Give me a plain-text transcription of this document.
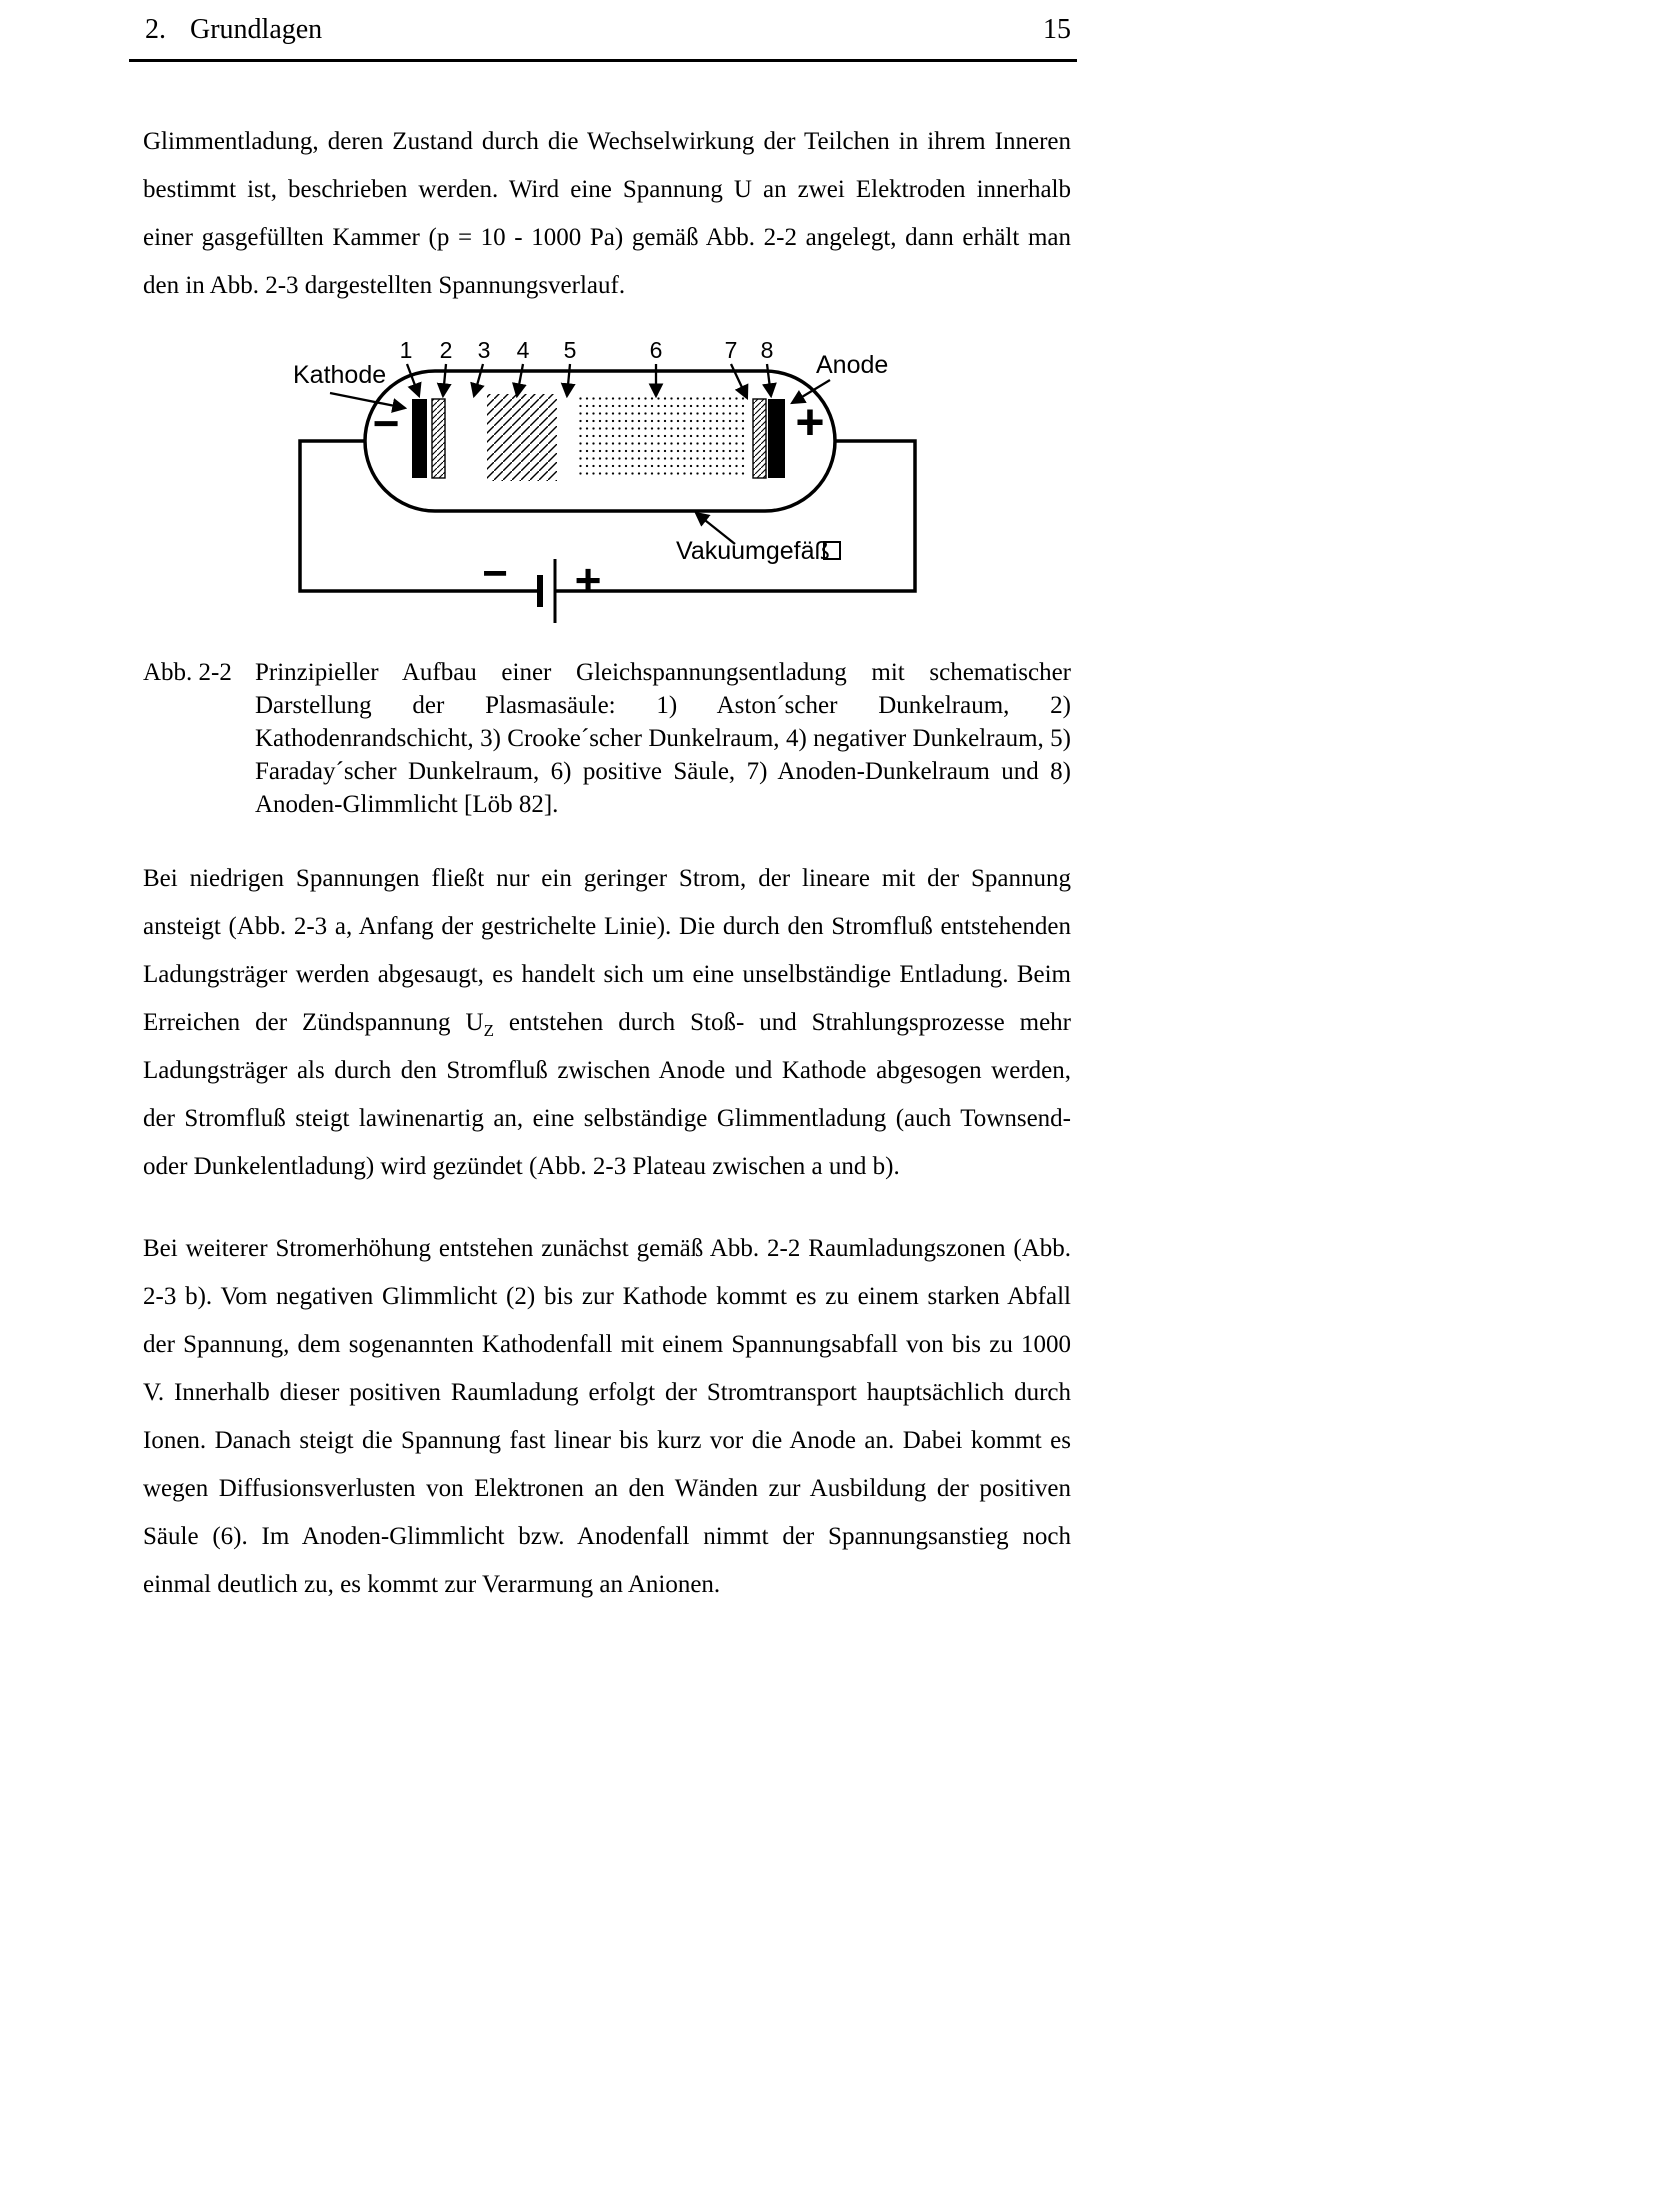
2. Grundlagen	15

Glimmentladung, deren Zustand durch die Wechselwirkung der Teilchen in ihrem Inneren bestimmt ist, beschrieben werden. Wird eine Spannung U an zwei Elektroden innerhalb einer gasgefüllten Kammer (p = 10 - 1000 Pa) gemäß Abb. 2-2 angelegt, dann erhält man den in Abb. 2-3 dargestellten Spannungsverlauf.

− +
−	+
1 2 3 4 5	6	7 8
Kathode	Anode
Vakuumgefäß
Abb. 2-2 Prinzipieller Aufbau einer Gleichspannungsentladung mit schematischer Darstellung der Plasmasäule: 1) Aston´scher Dunkelraum, 2) Kathodenrandschicht, 3) Crooke´scher Dunkelraum, 4) negativer Dunkelraum, 5) Faraday´scher Dunkelraum, 6) positive Säule, 7) Anoden-Dunkelraum und 8) Anoden-Glimmlicht [Löb 82].

Bei niedrigen Spannungen fließt nur ein geringer Strom, der lineare mit der Spannung ansteigt (Abb. 2-3 a, Anfang der gestrichelte Linie). Die durch den Stromfluß entstehenden Ladungsträger werden abgesaugt, es handelt sich um eine unselbständige Entladung. Beim Erreichen der Zündspannung $U_Z$ entstehen durch Stoß- und Strahlungsprozesse mehr Ladungsträger als durch den Stromfluß zwischen Anode und Kathode abgesogen werden, der Stromfluß steigt lawinenartig an, eine selbständige Glimmentladung (auch Townsend- oder Dunkelentladung) wird gezündet (Abb. 2-3 Plateau zwischen a und b).

Bei weiterer Stromerhöhung entstehen zunächst gemäß Abb. 2-2 Raumladungszonen (Abb. 2-3 b). Vom negativen Glimmlicht (2) bis zur Kathode kommt es zu einem starken Abfall der Spannung, dem sogenannten Kathodenfall mit einem Spannungsabfall von bis zu 1000 V. Innerhalb dieser positiven Raumladung erfolgt der Stromtransport hauptsächlich durch Ionen. Danach steigt die Spannung fast linear bis kurz vor die Anode an. Dabei kommt es wegen Diffusionsverlusten von Elektronen an den Wänden zur Ausbildung der positiven Säule (6). Im Anoden-Glimmlicht bzw. Anodenfall nimmt der Spannungsanstieg noch einmal deutlich zu, es kommt zur Verarmung an Anionen.
